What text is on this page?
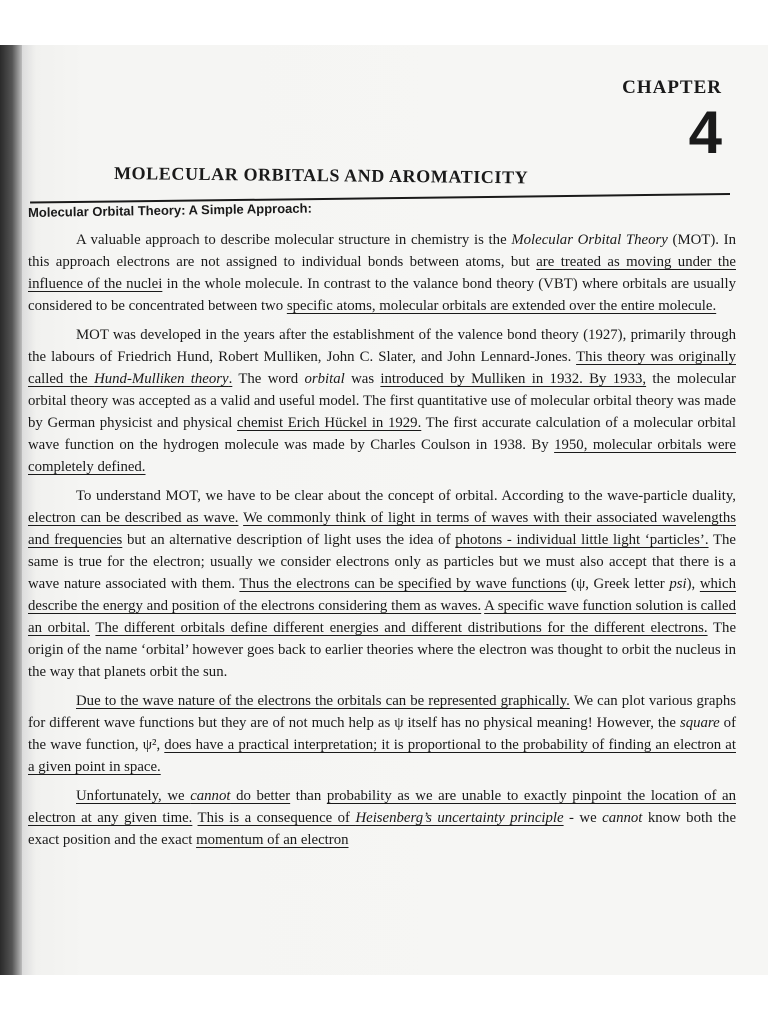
CHAPTER
4
MOLECULAR ORBITALS AND AROMATICITY
Molecular Orbital Theory: A Simple Approach:

A valuable approach to describe molecular structure in chemistry is the Molecular Orbital Theory (MOT). In this approach electrons are not assigned to individual bonds between atoms, but are treated as moving under the influence of the nuclei in the whole molecule. In contrast to the valance bond theory (VBT) where orbitals are usually considered to be concentrated between two specific atoms, molecular orbitals are extended over the entire molecule.

MOT was developed in the years after the establishment of the valence bond theory (1927), primarily through the labours of Friedrich Hund, Robert Mulliken, John C. Slater, and John Lennard-Jones. This theory was originally called the Hund-Mulliken theory. The word orbital was introduced by Mulliken in 1932. By 1933, the molecular orbital theory was accepted as a valid and useful model. The first quantitative use of molecular orbital theory was made by German physicist and physical chemist Erich Hückel in 1929. The first accurate calculation of a molecular orbital wave function on the hydrogen molecule was made by Charles Coulson in 1938. By 1950, molecular orbitals were completely defined.

To understand MOT, we have to be clear about the concept of orbital. According to the wave-particle duality, electron can be described as wave. We commonly think of light in terms of waves with their associated wavelengths and frequencies but an alternative description of light uses the idea of photons - individual little light ‘particles’. The same is true for the electron; usually we consider electrons only as particles but we must also accept that there is a wave nature associated with them. Thus the electrons can be specified by wave functions (ψ, Greek letter psi), which describe the energy and position of the electrons considering them as waves. A specific wave function solution is called an orbital. The different orbitals define different energies and different distributions for the different electrons. The origin of the name ‘orbital’ however goes back to earlier theories where the electron was thought to orbit the nucleus in the way that planets orbit the sun.

Due to the wave nature of the electrons the orbitals can be represented graphically. We can plot various graphs for different wave functions but they are of not much help as ψ itself has no physical meaning! However, the square of the wave function, ψ², does have a practical interpretation; it is proportional to the probability of finding an electron at a given point in space.

Unfortunately, we cannot do better than probability as we are unable to exactly pinpoint the location of an electron at any given time. This is a consequence of Heisenberg’s uncertainty principle - we cannot know both the exact position and the exact momentum of an electron
